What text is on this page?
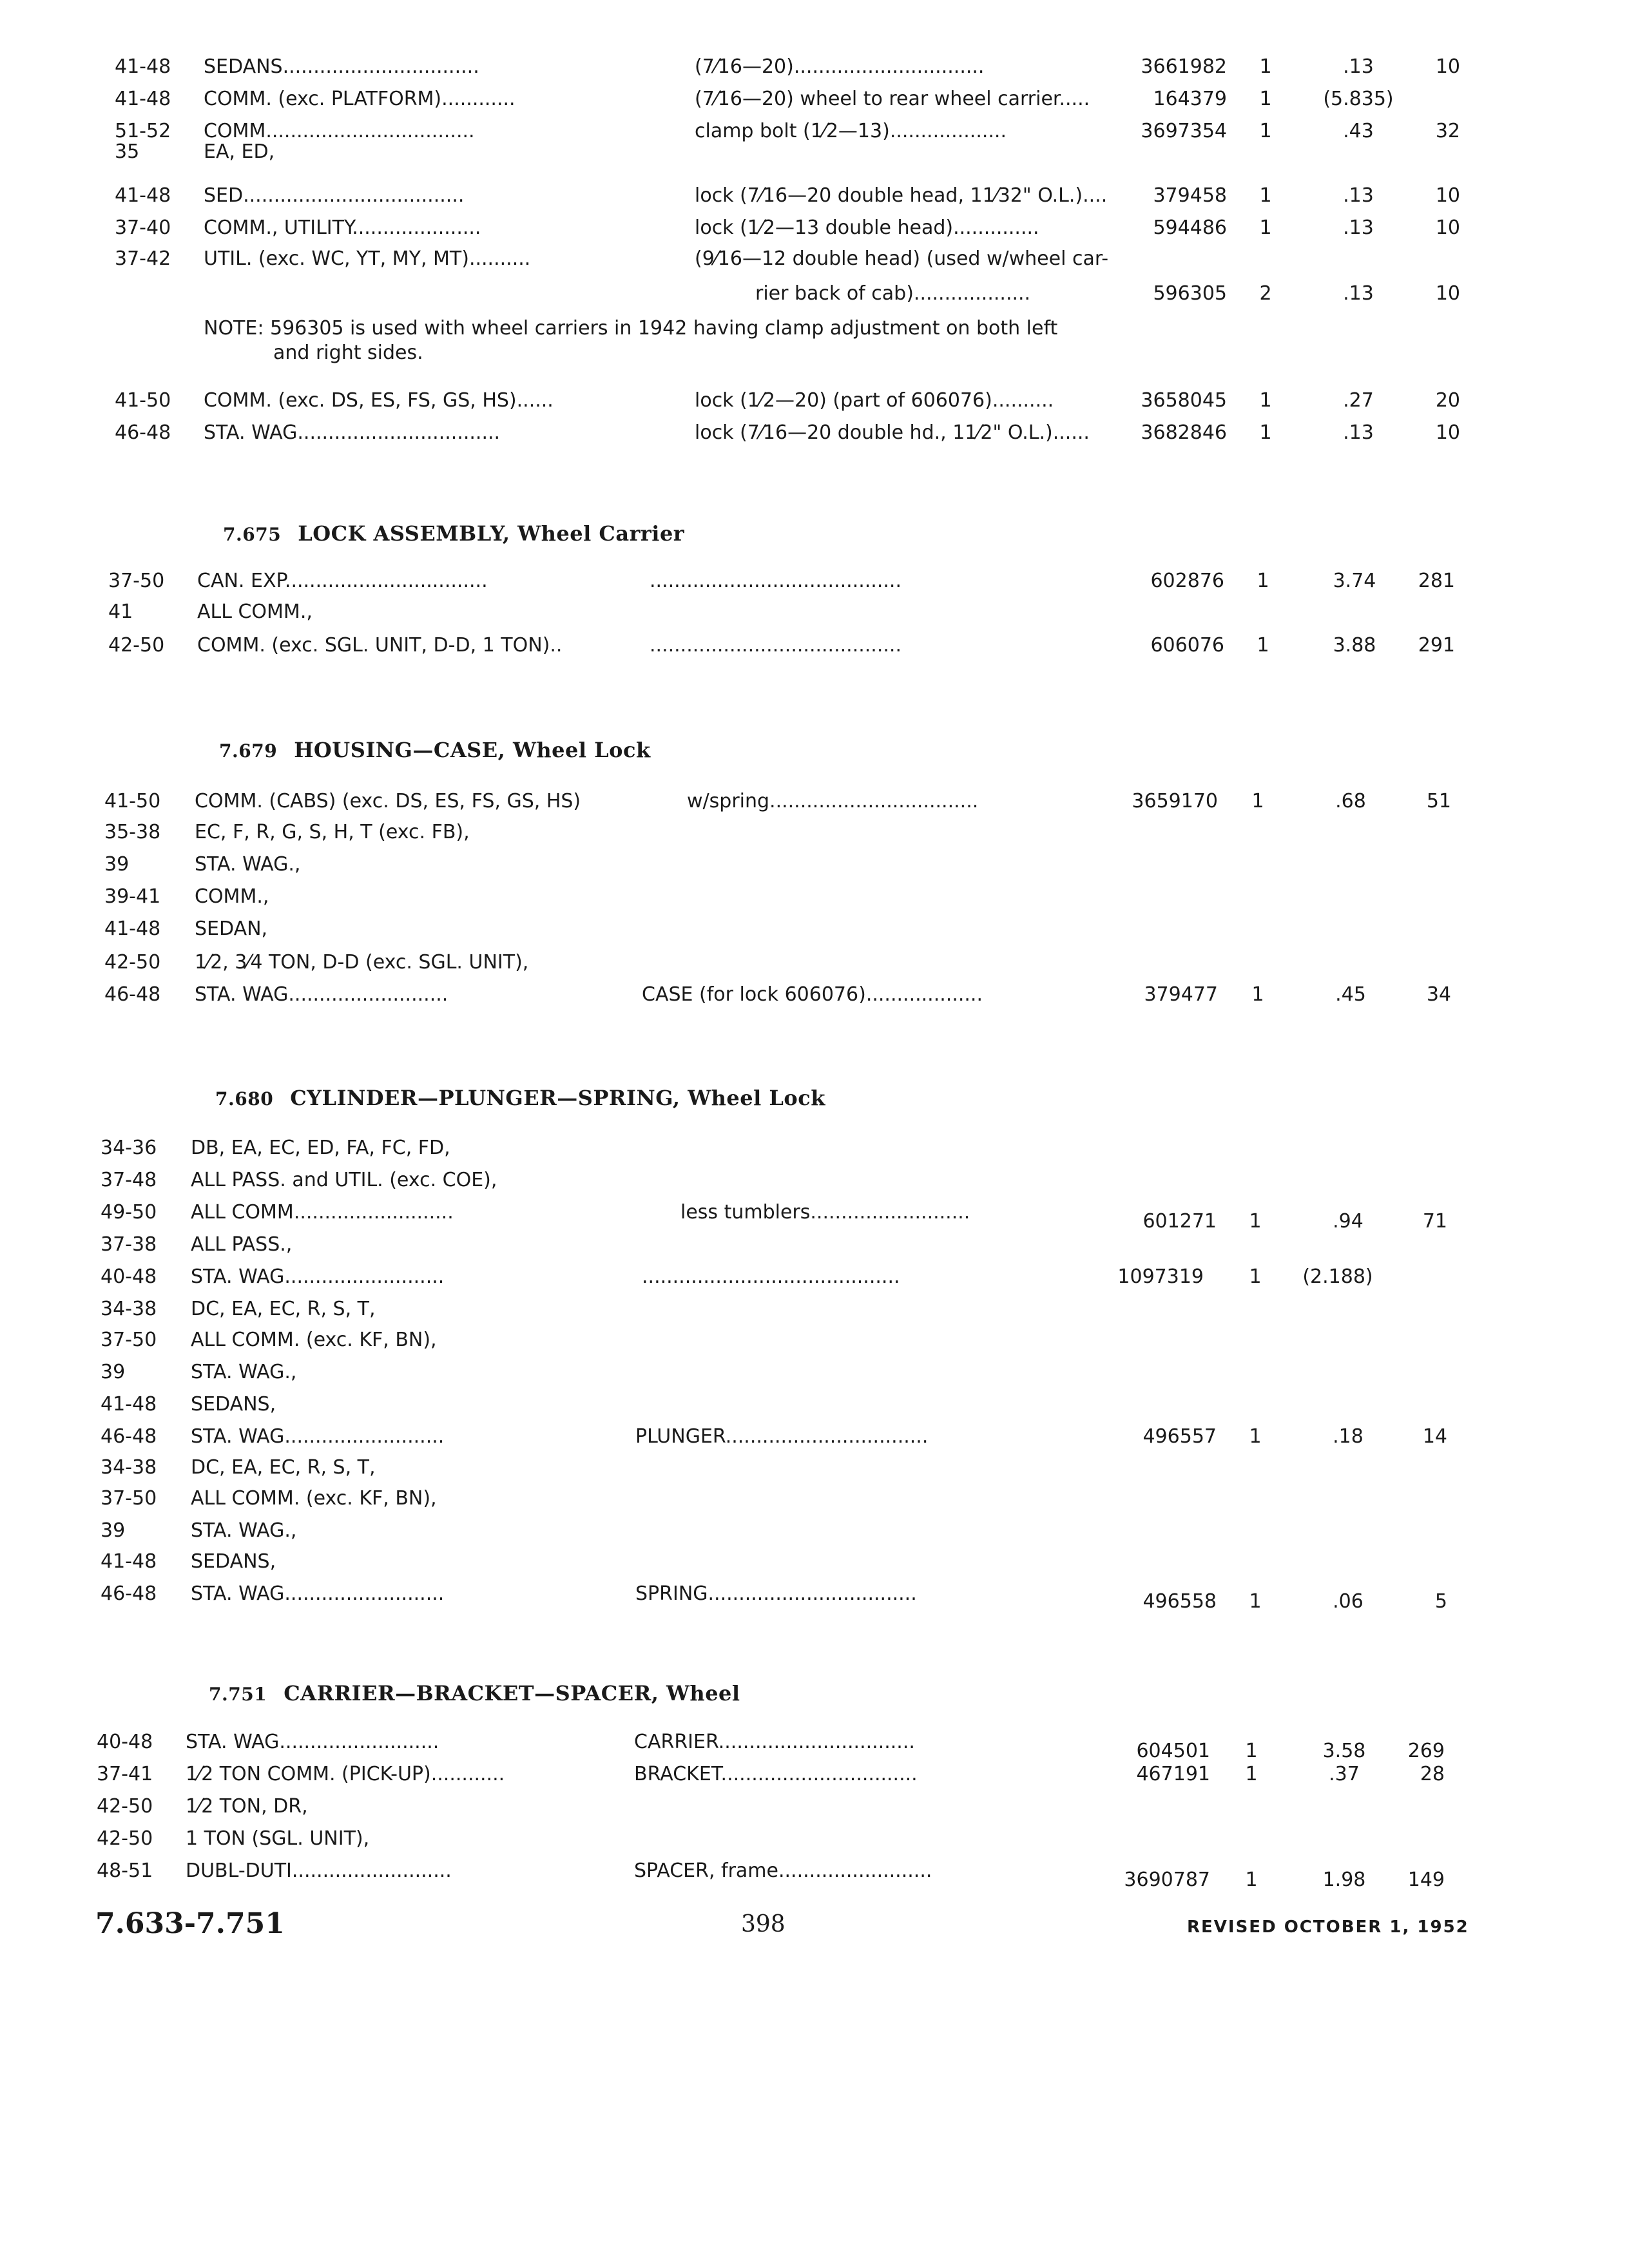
41-48	SEDANS................................	(7⁄16—20)...............................	3661982	1	.13	10
41-48	COMM. (exc. PLATFORM)............	(7⁄16—20) wheel to rear wheel carrier.....	164379	1	(5.835)
51-52	COMM..................................	clamp bolt (1⁄2—13)...................	3697354	1	.43	32
35	EA, ED,
41-48	SED....................................	lock (7⁄16—20 double head, 11⁄32" O.L.)....	379458	1	.13	10
37-40	COMM., UTILITY.....................	lock (1⁄2—13 double head)..............	594486	1	.13	10
37-42	UTIL. (exc. WC, YT, MY, MT)..........	(9⁄16—12 double head) (used w/wheel car-
rier back of cab)...................	596305	2	.13	10
NOTE: 596305 is used with wheel carriers in 1942 having clamp adjustment on both left
and right sides.
41-50	COMM. (exc. DS, ES, FS, GS, HS)......	lock (1⁄2—20) (part of 606076)..........	3658045	1	.27	20
46-48	STA. WAG.................................	lock (7⁄16—20 double hd., 11⁄2" O.L.)......	3682846	1	.13	10
7.675 LOCK ASSEMBLY, Wheel Carrier
37-50	CAN. EXP.................................	.........................................	602876	1	3.74	281
41	ALL COMM.,
42-50	COMM. (exc. SGL. UNIT, D-D, 1 TON)..	.........................................	606076	1	3.88	291
7.679 HOUSING—CASE, Wheel Lock
41-50	COMM. (CABS) (exc. DS, ES, FS, GS, HS)	w/spring..................................	3659170	1	.68	51
35-38	EC, F, R, G, S, H, T (exc. FB),
39	STA. WAG.,
39-41	COMM.,
41-48	SEDAN,
42-50	1⁄2, 3⁄4 TON, D-D (exc. SGL. UNIT),
46-48	STA. WAG..........................	CASE (for lock 606076)...................	379477	1	.45	34
7.680 CYLINDER—PLUNGER—SPRING, Wheel Lock
34-36	DB, EA, EC, ED, FA, FC, FD,
37-48	ALL PASS. and UTIL. (exc. COE),
49-50	ALL COMM..........................	less tumblers..........................	601271	1	.94	71
37-38	ALL PASS.,
40-48	STA. WAG..........................	..........................................	1097319	1	(2.188)
34-38	DC, EA, EC, R, S, T,
37-50	ALL COMM. (exc. KF, BN),
39	STA. WAG.,
41-48	SEDANS,
46-48	STA. WAG..........................	PLUNGER.................................	496557	1	.18	14
34-38	DC, EA, EC, R, S, T,
37-50	ALL COMM. (exc. KF, BN),
39	STA. WAG.,
41-48	SEDANS,
46-48	STA. WAG..........................	SPRING..................................	496558	1	.06	5
7.751 CARRIER—BRACKET—SPACER, Wheel
40-48	STA. WAG..........................	CARRIER................................	604501	1	3.58	269
37-41	1⁄2 TON COMM. (PICK-UP)............	BRACKET................................	467191	1	.37	28
42-50	1⁄2 TON, DR,
42-50	1 TON (SGL. UNIT),
48-51	DUBL-DUTI..........................	SPACER, frame.........................	3690787	1	1.98	149
7.633-7.751	398	REVISED OCTOBER 1, 1952
